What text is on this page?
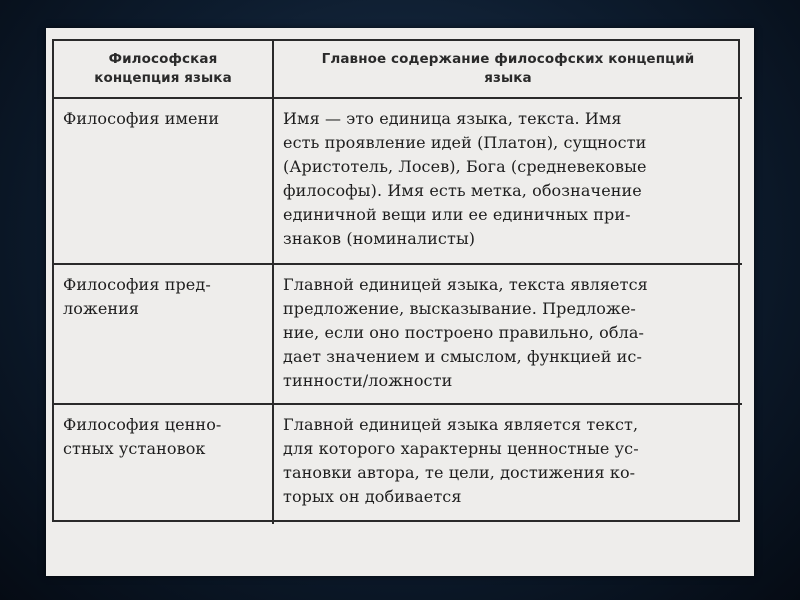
Философская
концепция языка
Главное содержание философских концепций
языка
Философия имени	Имя — это единица языка, текста. Имя
есть проявление идей (Платон), сущности
(Аристотель, Лосев), Бога (средневековые
философы). Имя есть метка, обозначение
единичной вещи или ее единичных при-
знаков (номиналисты)
Философия пред-
ложения
Главной единицей языка, текста является
предложение, высказывание. Предложе-
ние, если оно построено правильно, обла-
дает значением и смыслом, функцией ис-
тинности/ложности
Философия ценно-
стных установок
Главной единицей языка является текст,
для которого характерны ценностные ус-
тановки автора, те цели, достижения ко-
торых он добивается
